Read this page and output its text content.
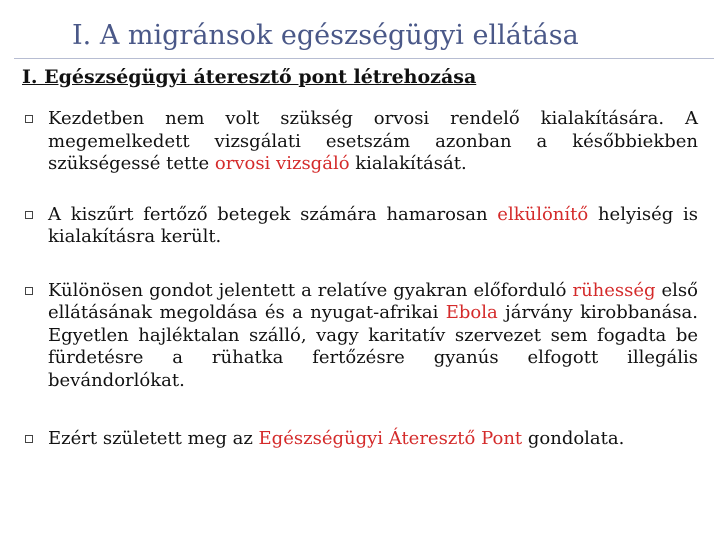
I. A migránsok egészségügyi ellátása
I. Egészségügyi áteresztő pont létrehozása
Kezdetben nem volt szükség orvosi rendelő kialakítására. A megemelkedett vizsgálati esetszám azonban a későbbiekben szükségessé tette orvosi vizsgáló kialakítását.
A kiszűrt fertőző betegek számára hamarosan elkülönítő helyiség is kialakításra került.
Különösen gondot jelentett a relatíve gyakran előforduló rühesség első ellátásának megoldása és a nyugat-afrikai Ebola járvány kirobbanása. Egyetlen hajléktalan szálló, vagy karitatív szervezet sem fogadta be fürdetésre a rühatka fertőzésre gyanús elfogott illegális bevándorlókat.
Ezért született meg az Egészségügyi Áteresztő Pont gondolata.
